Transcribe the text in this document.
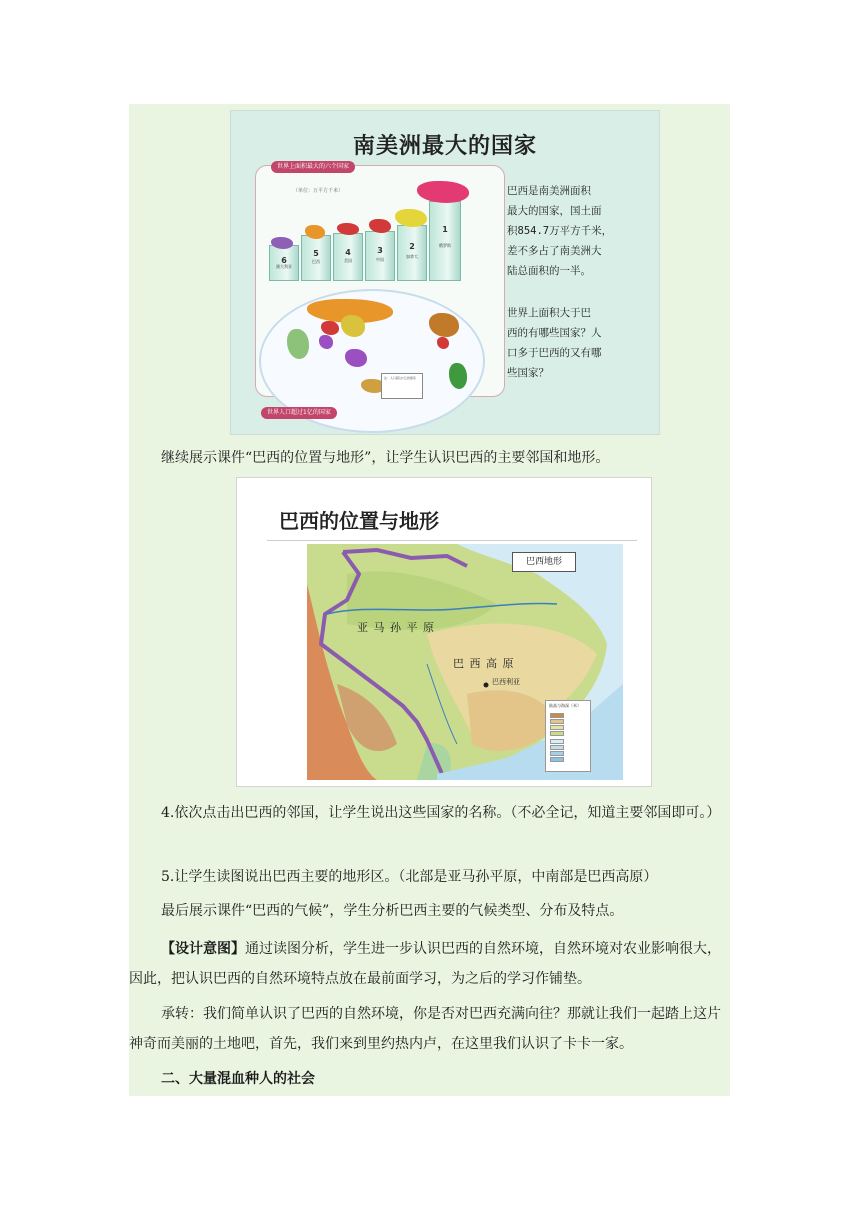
南美洲最大的国家
世界上面积最大的六个国家
（单位：万平方千米）
6
澳大利亚
5
巴西
4
美国
3
中国
2
加拿大
1
俄罗斯
注：人口超过1亿的国家
世界人口超过1亿的国家
巴西是南美洲面积
最大的国家，国土面
积854.7万平方千米，
差不多占了南美洲大
陆总面积的一半。
世界上面积大于巴
西的有哪些国家？人
口多于巴西的又有哪
些国家？
继续展示课件“巴西的位置与地形”，让学生认识巴西的主要邻国和地形。
巴西的位置与地形
巴西地形
亚 马 孙 平 原
巴 西 高 原
巴西利亚
陆高与海深（米）
4.依次点击出巴西的邻国，让学生说出这些国家的名称。（不必全记，知道主要邻国即可。）
5.让学生读图说出巴西主要的地形区。（北部是亚马孙平原，中南部是巴西高原）
最后展示课件“巴西的气候”，学生分析巴西主要的气候类型、分布及特点。
【设计意图】通过读图分析，学生进一步认识巴西的自然环境，自然环境对农业影响很大，因此，把认识巴西的自然环境特点放在最前面学习，为之后的学习作铺垫。
承转：我们简单认识了巴西的自然环境，你是否对巴西充满向往？那就让我们一起踏上这片神奇而美丽的土地吧，首先，我们来到里约热内卢，在这里我们认识了卡卡一家。
二、大量混血种人的社会
